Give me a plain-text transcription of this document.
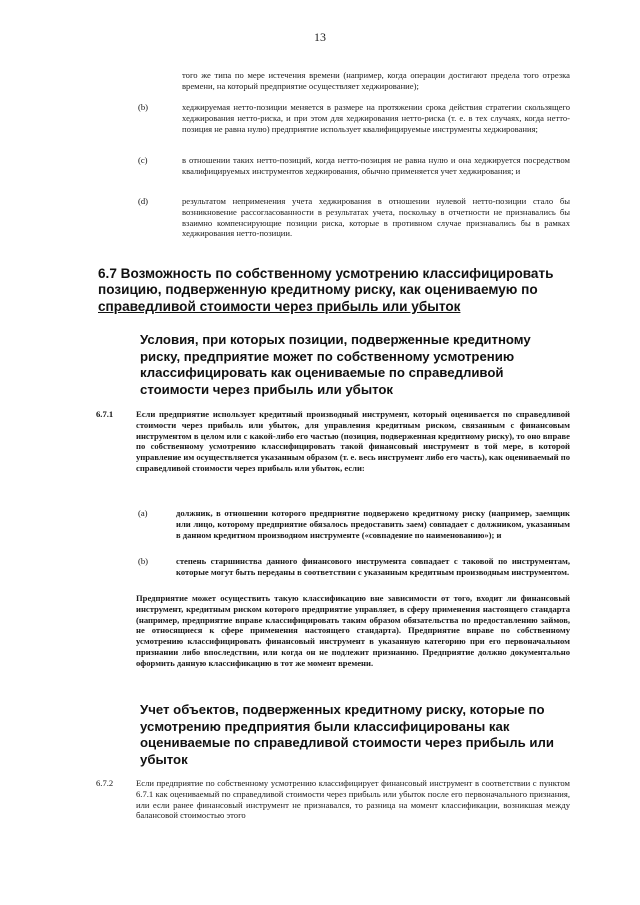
13
того же типа по мере истечения времени (например, когда операции достигают предела того отрезка времени, на который предприятие осуществляет хеджирование);
(b)	хеджируемая нетто-позиции меняется в размере на протяжении срока действия стратегии скользящего хеджирования нетто-риска, и при этом для хеджирования нетто-риска (т. е. в тех случаях, когда нетто-позиция не равна нулю) предприятие использует квалифицируемые инструменты хеджирования;
(c)	в отношении таких нетто-позиций, когда нетто-позиция не равна нулю и она хеджируется посредством квалифицируемых инструментов хеджирования, обычно применяется учет хеджирования; и
(d)	результатом неприменения учета хеджирования в отношении нулевой нетто-позиции стало бы возникновение рассогласованности в результатах учета, поскольку в отчетности не признавались бы взаимно компенсирующие позиции риска, которые в противном случае признавались бы в рамках хеджирования нетто-позиции.
6.7 Возможность по собственному усмотрению классифицировать
позицию, подверженную кредитному риску, как оцениваемую по
справедливой стоимости через прибыль или убыток
Условия, при которых позиции, подверженные кредитному риску, предприятие может по собственному усмотрению классифицировать как оцениваемые по справедливой стоимости через прибыль или убыток
6.7.1	Если предприятие использует кредитный производный инструмент, который оценивается по справедливой стоимости через прибыль или убыток, для управления кредитным риском, связанным с финансовым инструментом в целом или с какой-либо его частью (позиция, подверженная кредитному риску), то оно вправе по собственному усмотрению классифицировать такой финансовый инструмент в той мере, в которой управление им осуществляется указанным образом (т. е. весь инструмент либо его часть), как оцениваемый по справедливой стоимости через прибыль или убыток, если:
(a)	должник, в отношении которого предприятие подвержено кредитному риску (например, заемщик или лицо, которому предприятие обязалось предоставить заем) совпадает с должником, указанным в данном кредитном производном инструменте («совпадение по наименованию»); и
(b)	степень старшинства данного финансового инструмента совпадает с таковой по инструментам, которые могут быть переданы в соответствии с указанным кредитным производным инструментом.
Предприятие может осуществить такую классификацию вне зависимости от того, входит ли финансовый инструмент, кредитным риском которого предприятие управляет, в сферу применения настоящего стандарта (например, предприятие вправе классифицировать таким образом обязательства по предоставлению займов, не относящиеся к сфере применения настоящего стандарта). Предприятие вправе по собственному усмотрению классифицировать финансовый инструмент в указанную категорию при его первоначальном признании либо впоследствии, или когда он не подлежит признанию. Предприятие должно документально оформить данную классификацию в тот же момент времени.
Учет объектов, подверженных кредитному риску, которые по усмотрению предприятия были классифицированы как оцениваемые по справедливой стоимости через прибыль или убыток
6.7.2	Если предприятие по собственному усмотрению классифицирует финансовый инструмент в соответствии с пунктом 6.7.1 как оцениваемый по справедливой стоимости через прибыль или убыток после его первоначального признания, или если ранее финансовый инструмент не признавался, то разница на момент классификации, возникшая между балансовой стоимостью этого
